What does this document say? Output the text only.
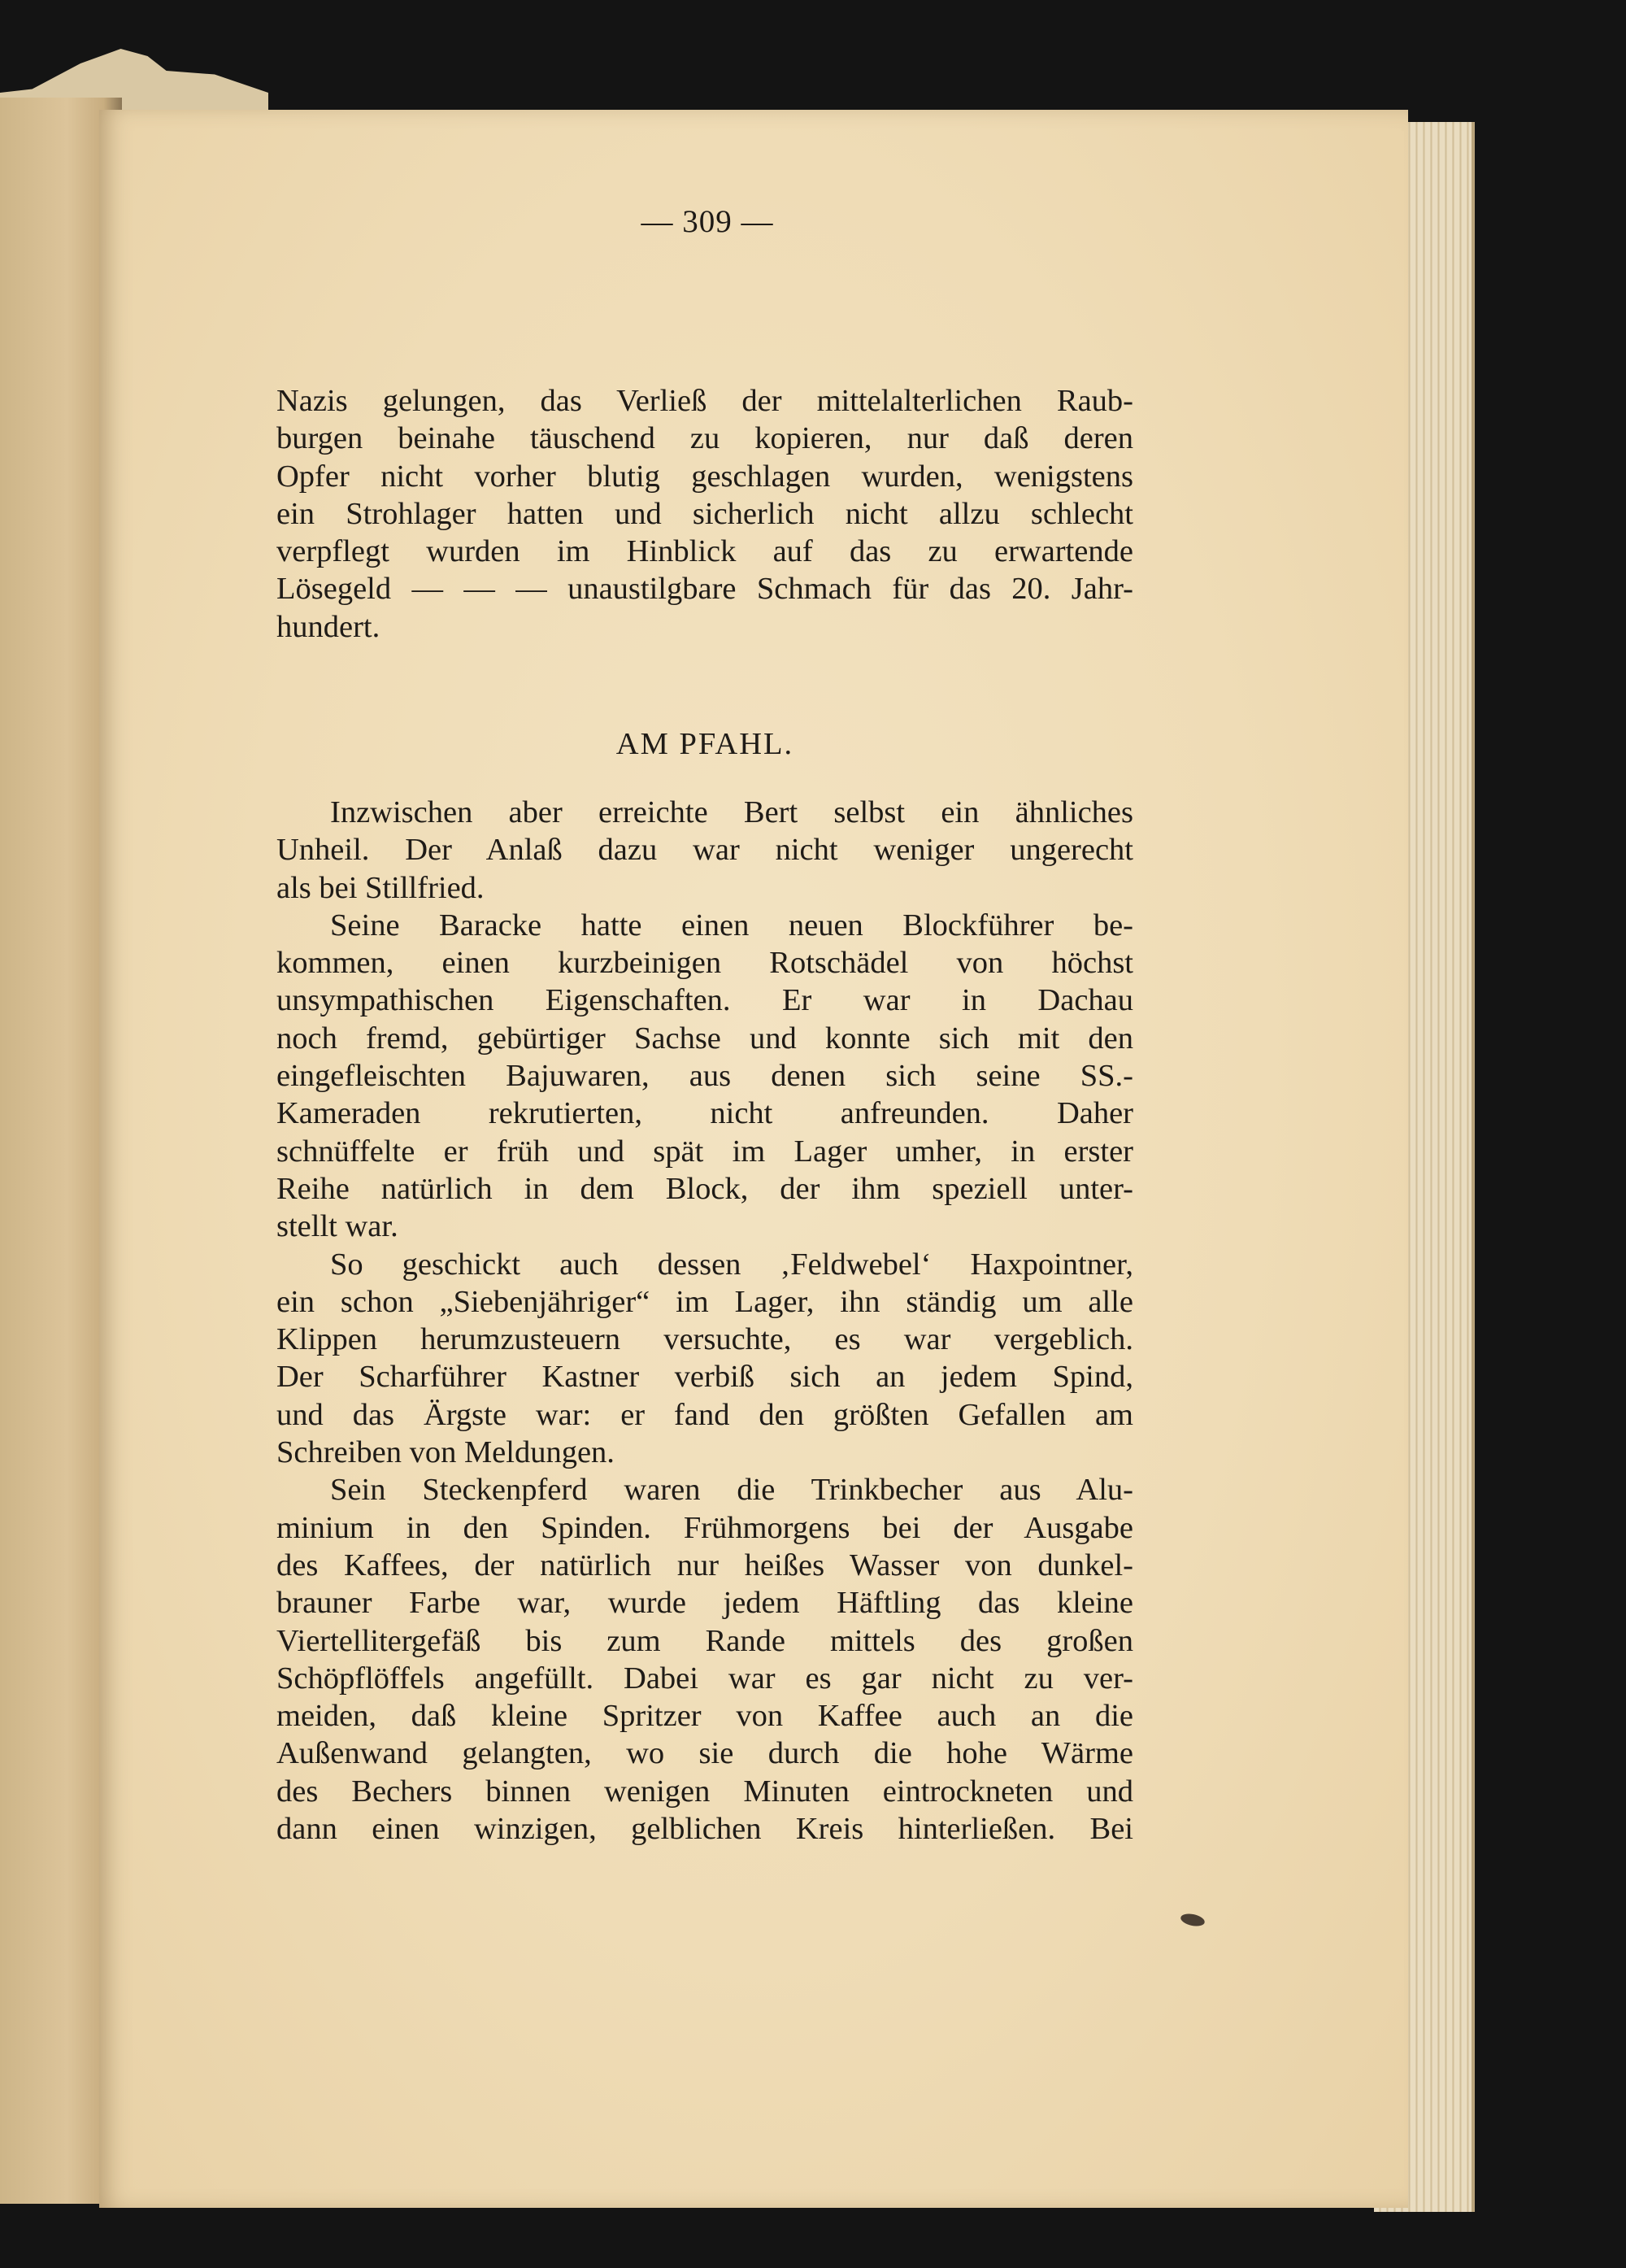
— 309 —
Nazis gelungen, das Verließ der mittelalterlichen Raub-
burgen beinahe täuschend zu kopieren, nur daß deren
Opfer nicht vorher blutig geschlagen wurden, wenigstens
ein Strohlager hatten und sicherlich nicht allzu schlecht
verpflegt wurden im Hinblick auf das zu erwartende
Lösegeld — — — unaustilgbare Schmach für das 20. Jahr-
hundert.
AM PFAHL.
Inzwischen aber erreichte Bert selbst ein ähnliches
Unheil. Der Anlaß dazu war nicht weniger ungerecht
als bei Stillfried.
Seine Baracke hatte einen neuen Blockführer be-
kommen, einen kurzbeinigen Rotschädel von höchst
unsympathischen Eigenschaften. Er war in Dachau
noch fremd, gebürtiger Sachse und konnte sich mit den
eingefleischten Bajuwaren, aus denen sich seine SS.-
Kameraden rekrutierten, nicht anfreunden. Daher
schnüffelte er früh und spät im Lager umher, in erster
Reihe natürlich in dem Block, der ihm speziell unter-
stellt war.
So geschickt auch dessen ‚Feldwebel‘ Haxpointner,
ein schon „Siebenjähriger“ im Lager, ihn ständig um alle
Klippen herumzusteuern versuchte, es war vergeblich.
Der Scharführer Kastner verbiß sich an jedem Spind,
und das Ärgste war: er fand den größten Gefallen am
Schreiben von Meldungen.
Sein Steckenpferd waren die Trinkbecher aus Alu-
minium in den Spinden. Frühmorgens bei der Ausgabe
des Kaffees, der natürlich nur heißes Wasser von dunkel-
brauner Farbe war, wurde jedem Häftling das kleine
Viertellitergefäß bis zum Rande mittels des großen
Schöpflöffels angefüllt. Dabei war es gar nicht zu ver-
meiden, daß kleine Spritzer von Kaffee auch an die
Außenwand gelangten, wo sie durch die hohe Wärme
des Bechers binnen wenigen Minuten eintrockneten und
dann einen winzigen, gelblichen Kreis hinterließen. Bei
